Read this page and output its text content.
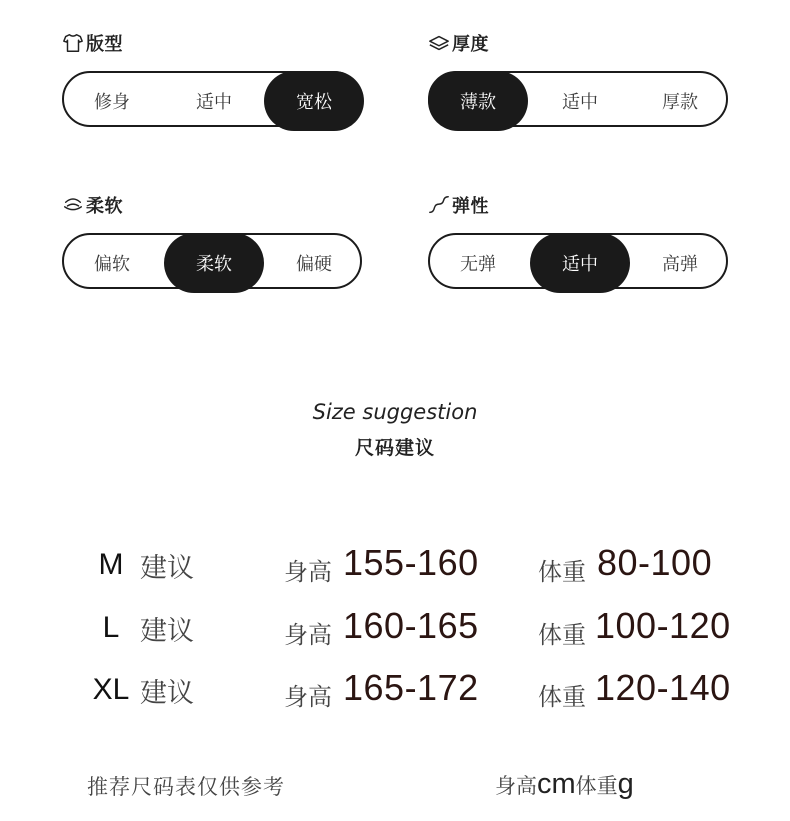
版型
修身	适中	宽松
厚度
薄款	适中	厚款
柔软
偏软	柔软	偏硬
弹性
无弹	适中	高弹
Size suggestion
尺码建议
M 建议	身高 155-160 体重 80-100
L 建议	身高 160-165 体重 100-120
XL 建议	身高 165-172 体重 120-140
推荐尺码表仅供参考	身高cm体重g
